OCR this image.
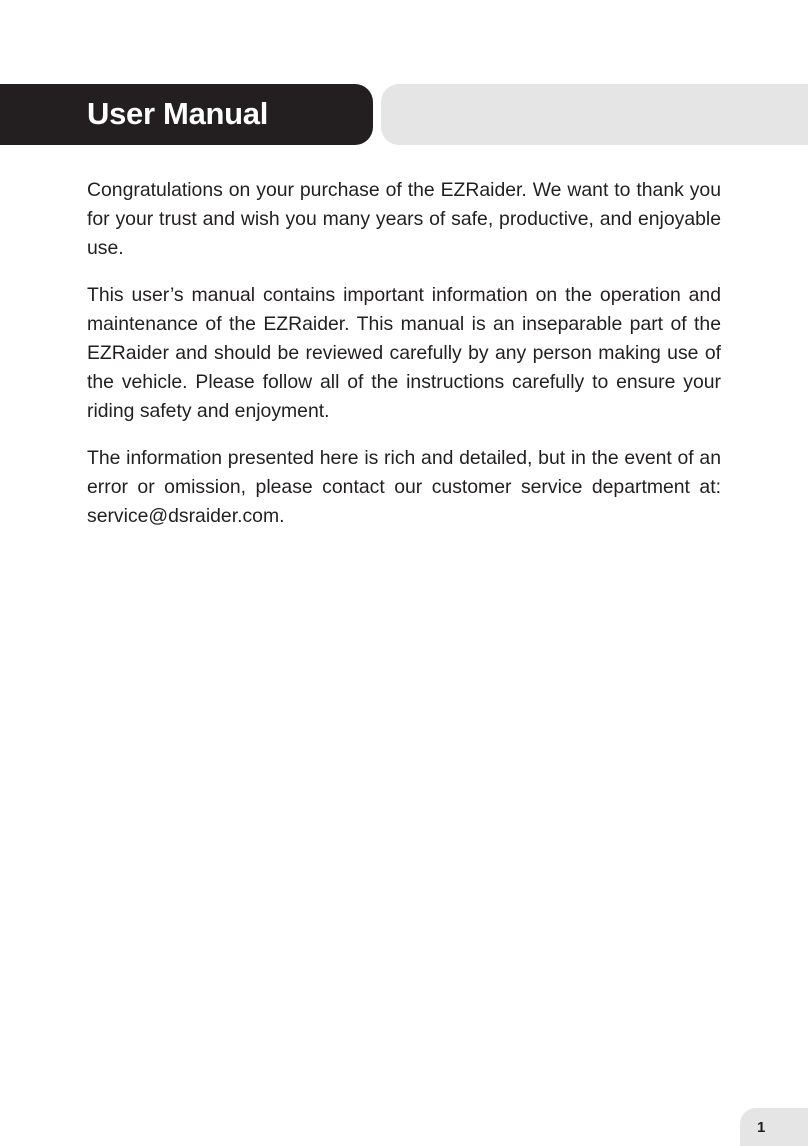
User Manual

Congratulations on your purchase of the EZRaider. We want to thank you for your trust and wish you many years of safe, productive, and enjoyable use.

This user’s manual contains important information on the operation and maintenance of the EZRaider. This manual is an inseparable part of the EZRaider and should be reviewed carefully by any person making use of the vehicle. Please follow all of the instructions carefully to ensure your riding safety and enjoyment.

The information presented here is rich and detailed, but in the event of an error or omission, please contact our customer service department at: service@dsraider.com.

1
